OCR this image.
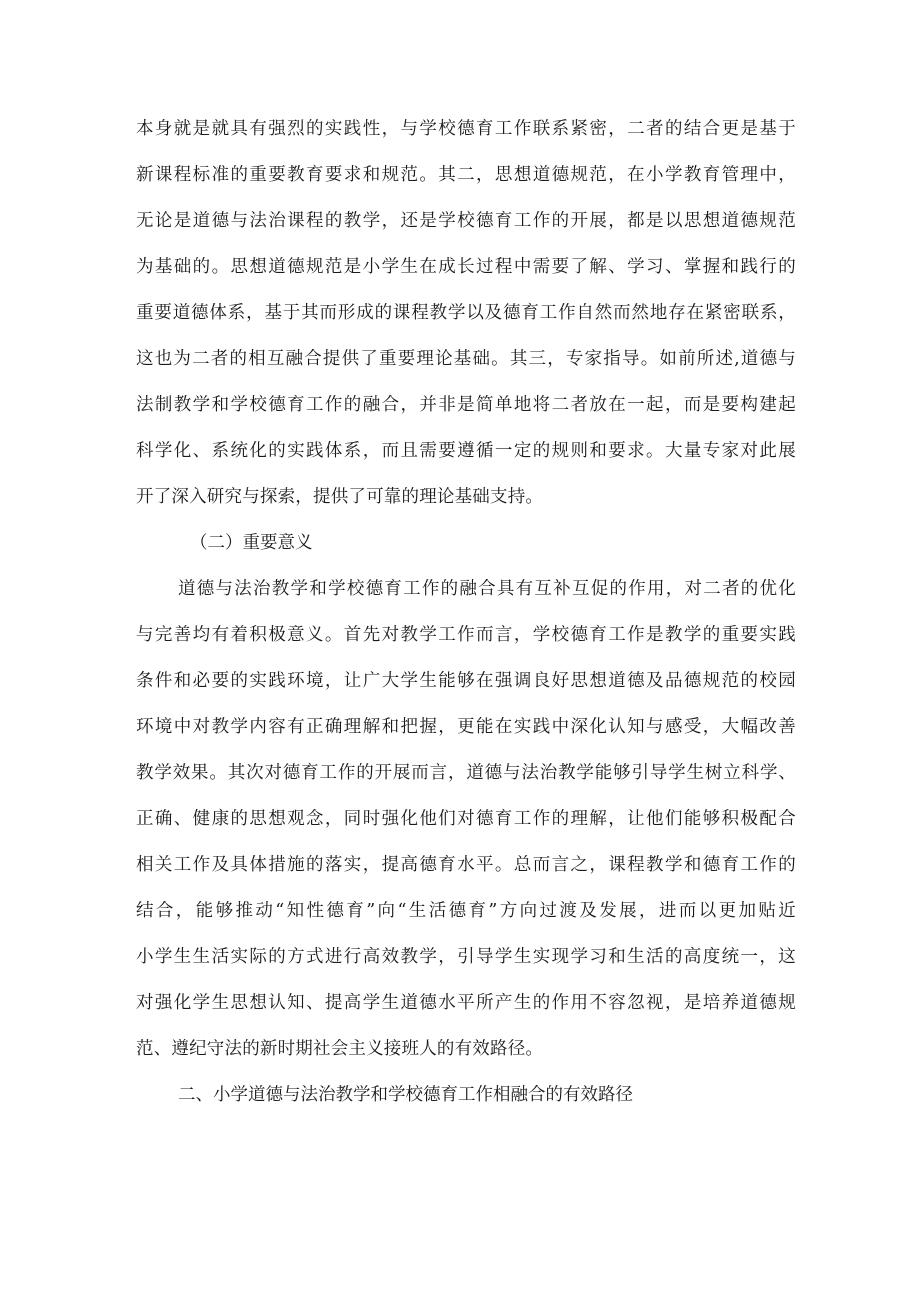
本身就是就具有强烈的实践性，与学校德育工作联系紧密，二者的结合更是基于
新课程标准的重要教育要求和规范。其二，思想道德规范，在小学教育管理中，
无论是道德与法治课程的教学，还是学校德育工作的开展，都是以思想道德规范
为基础的。思想道德规范是小学生在成长过程中需要了解、学习、掌握和践行的
重要道德体系，基于其而形成的课程教学以及德育工作自然而然地存在紧密联系，
这也为二者的相互融合提供了重要理论基础。其三，专家指导。如前所述,道德与
法制教学和学校德育工作的融合，并非是简单地将二者放在一起，而是要构建起
科学化、系统化的实践体系，而且需要遵循一定的规则和要求。大量专家对此展
开了深入研究与探索，提供了可靠的理论基础支持。
（二）重要意义
道德与法治教学和学校德育工作的融合具有互补互促的作用，对二者的优化
与完善均有着积极意义。首先对教学工作而言，学校德育工作是教学的重要实践
条件和必要的实践环境，让广大学生能够在强调良好思想道德及品德规范的校园
环境中对教学内容有正确理解和把握，更能在实践中深化认知与感受，大幅改善
教学效果。其次对德育工作的开展而言，道德与法治教学能够引导学生树立科学、
正确、健康的思想观念，同时强化他们对德育工作的理解，让他们能够积极配合
相关工作及具体措施的落实，提高德育水平。总而言之，课程教学和德育工作的
结合，能够推动“知性德育”向“生活德育”方向过渡及发展，进而以更加贴近
小学生生活实际的方式进行高效教学，引导学生实现学习和生活的高度统一，这
对强化学生思想认知、提高学生道德水平所产生的作用不容忽视，是培养道德规
范、遵纪守法的新时期社会主义接班人的有效路径。
二、小学道德与法治教学和学校德育工作相融合的有效路径
